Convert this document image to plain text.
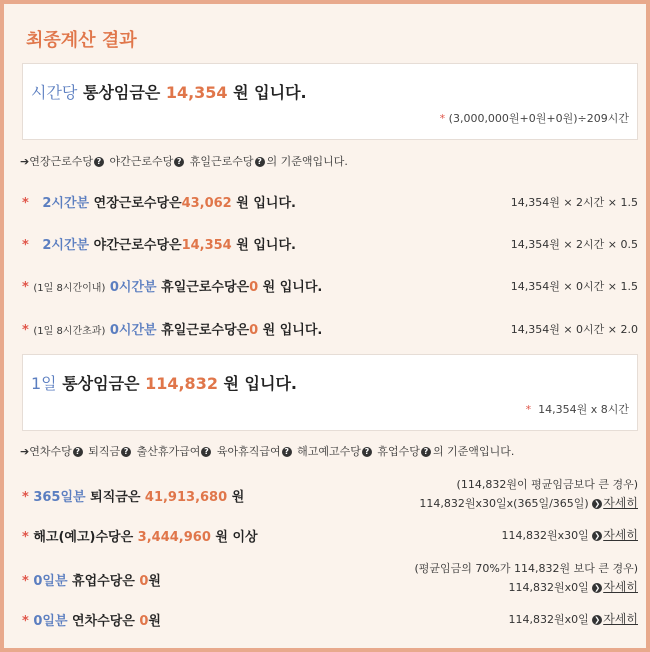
최종계산 결과
시간당 통상임금은 14,354 원 입니다.
* (3,000,000원+0원+0원)÷209시간
➔연장근로수당 ? 야간근로수당 ? 휴일근로수당 ? 의 기준액입니다.
* 2시간분 연장근로수당은43,062 원 입니다.	14,354원 × 2시간 × 1.5
* 2시간분 야간근로수당은14,354 원 입니다.	14,354원 × 2시간 × 0.5
* (1일 8시간이내) 0시간분 휴일근로수당은0 원 입니다.	14,354원 × 0시간 × 1.5
* (1일 8시간초과) 0시간분 휴일근로수당은0 원 입니다.	14,354원 × 0시간 × 2.0
1일 통상임금은 114,832 원 입니다.
* 14,354원 x 8시간
➔연차수당 ? 퇴직금 ? 출산휴가급여 ? 육아휴직급여 ? 해고예고수당 ? 휴업수당 ? 의 기준액입니다.
* 365일분 퇴직금은 41,913,680 원
(114,832원이 평균임금보다 큰 경우)
114,832원x30일x(365일/365일) ❯ 자세히
* 해고(예고)수당은 3,444,960 원 이상	114,832원x30일 ❯ 자세히
* 0일분 휴업수당은 0원
(평균임금의 70%가 114,832원 보다 큰 경우)
114,832원x0일 ❯ 자세히
* 0일분 연차수당은 0원	114,832원x0일 ❯ 자세히
